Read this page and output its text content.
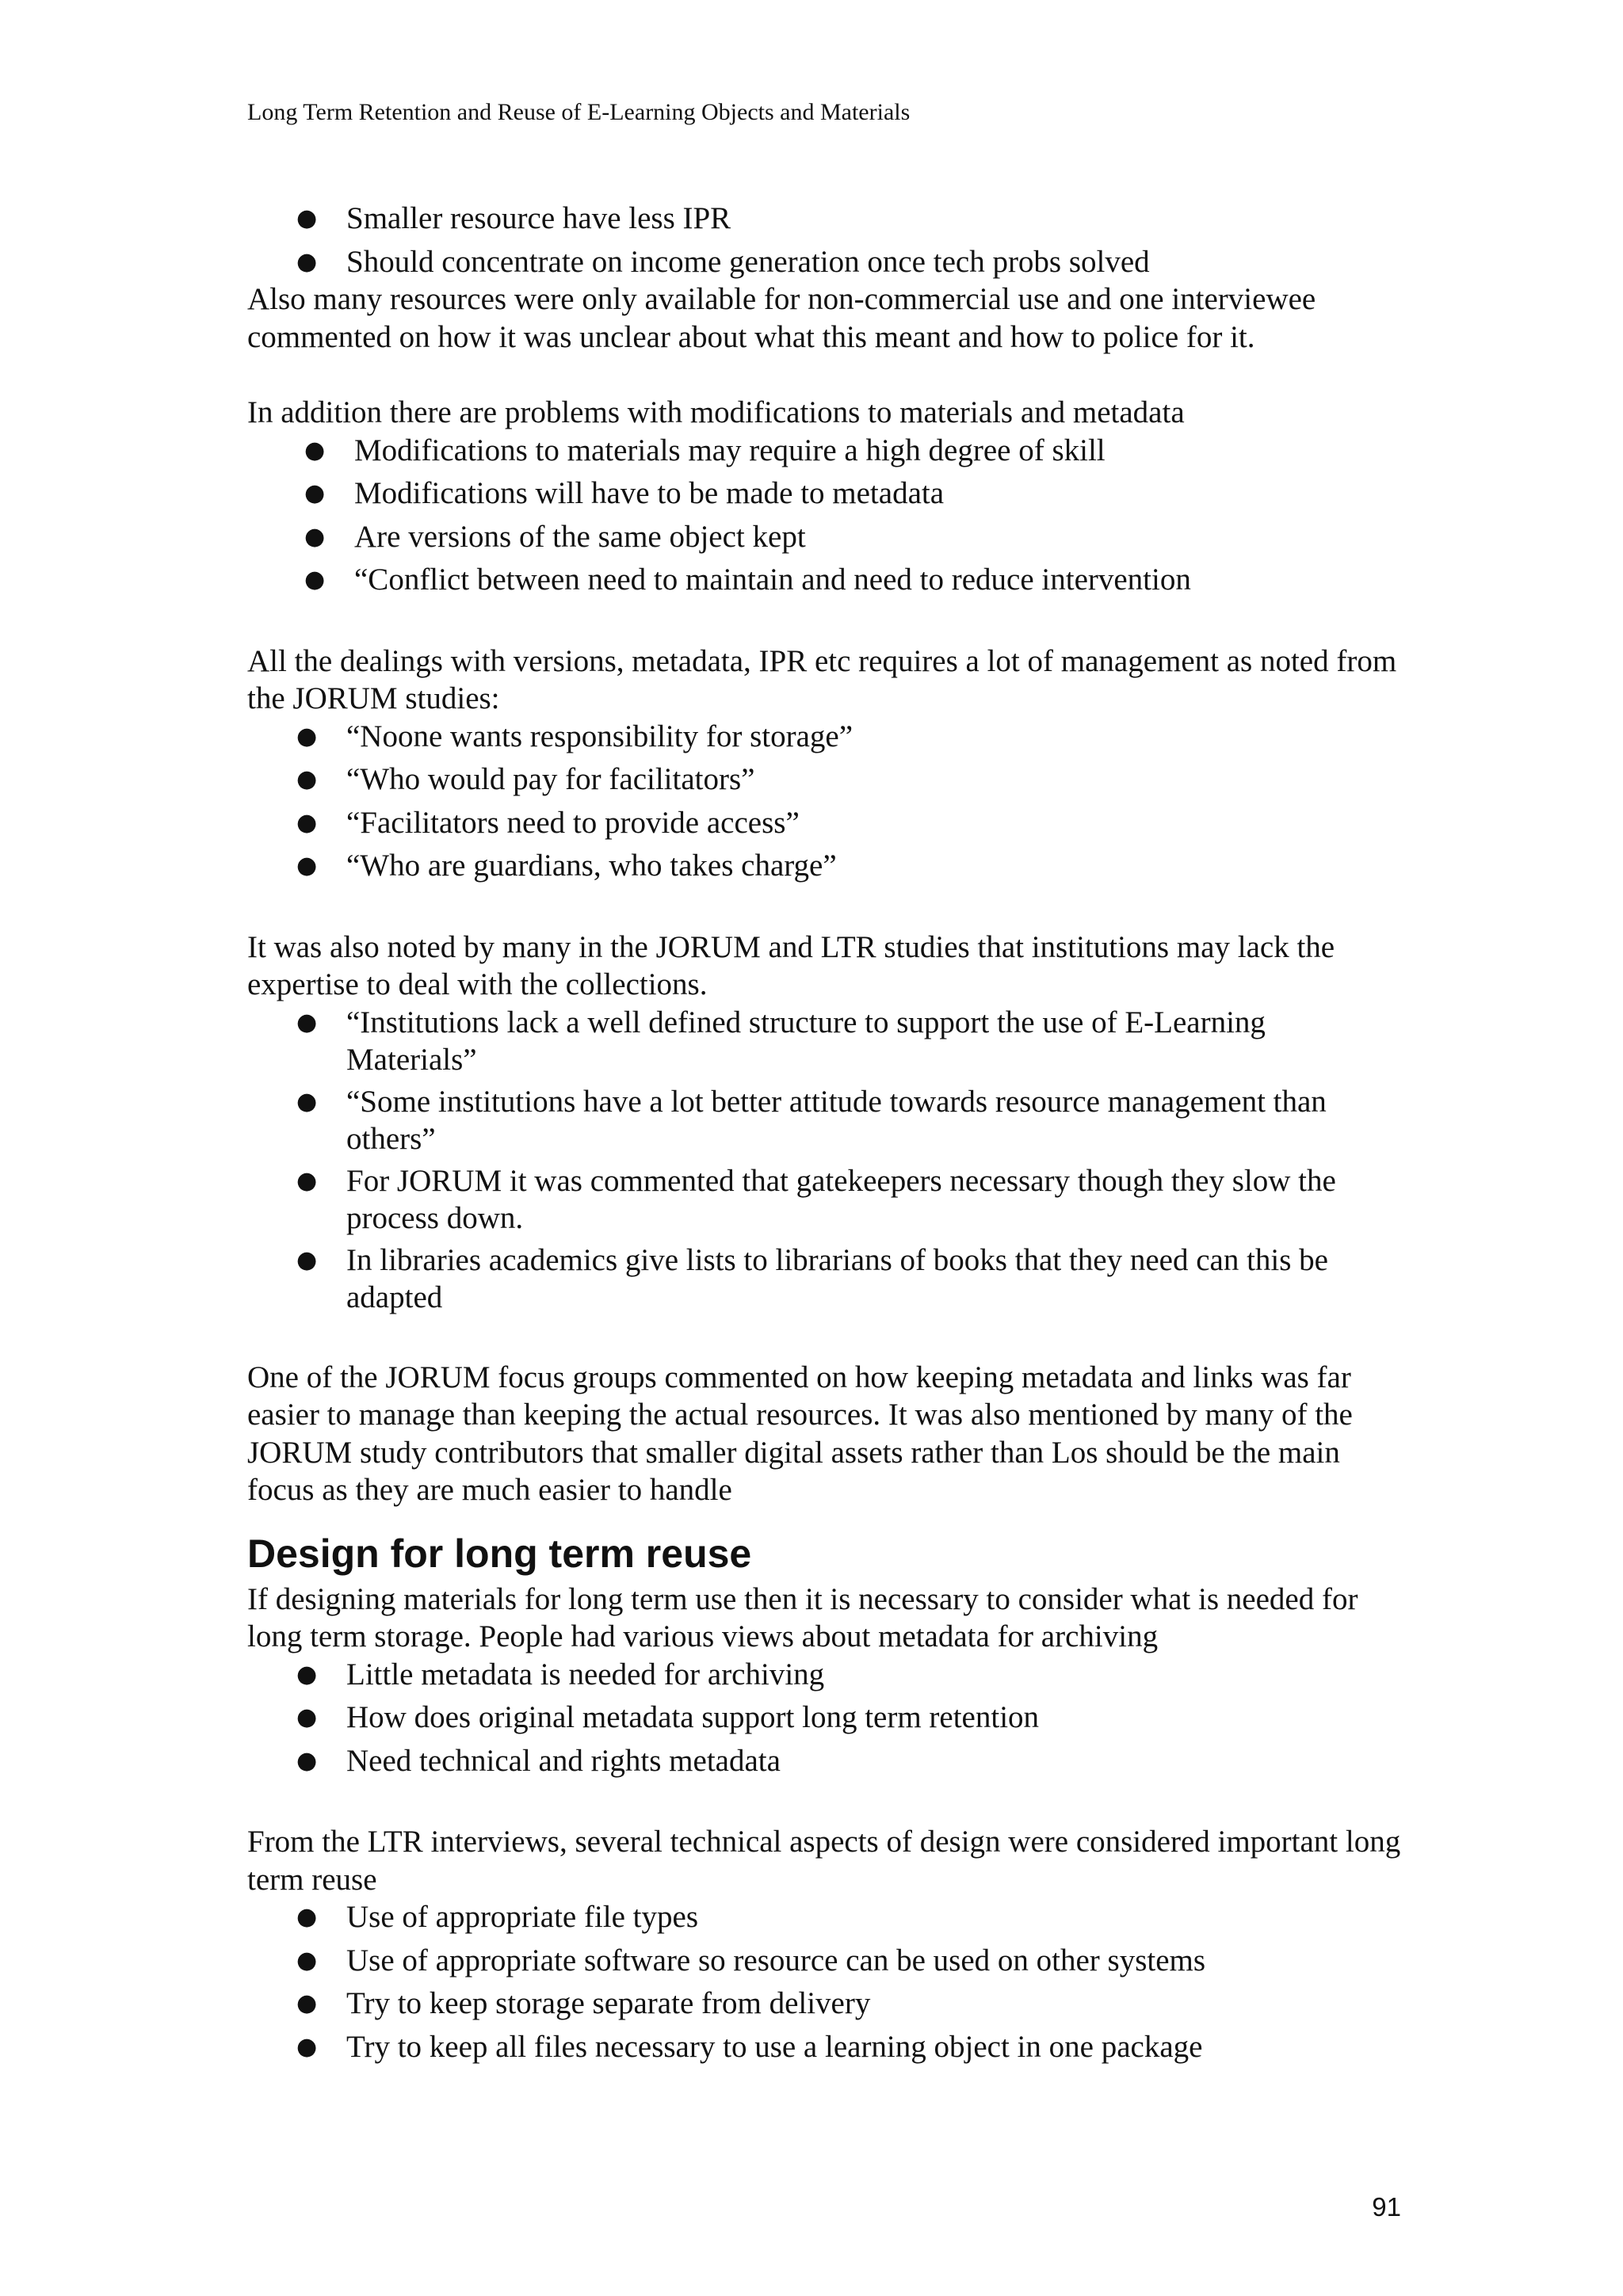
Long Term Retention and Reuse of E-Learning Objects and Materials
● Smaller resource have less IPR
● Should concentrate on income generation once tech probs solved

Also many resources were only available for non-commercial use and one interviewee commented on how it was unclear about what this meant and how to police for it.

In addition there are problems with modifications to materials and metadata

● Modifications to materials may require a high degree of skill
● Modifications will have to be made to metadata
● Are versions of the same object kept
● “Conflict between need to maintain and need to reduce intervention

All the dealings with versions, metadata, IPR etc requires a lot of management as noted from the JORUM studies:

● “Noone wants responsibility for storage”
● “Who would pay for facilitators”
● “Facilitators need to provide access”
● “Who are guardians, who takes charge”

It was also noted by many in the JORUM and LTR studies that institutions may lack the expertise to deal with the collections.

● “Institutions lack a well defined structure to support the use of E-Learning Materials”
● “Some institutions have a lot better attitude towards resource management than others”
● For JORUM it was commented that gatekeepers necessary though they slow the process down.
● In libraries academics give lists to librarians of books that they need can this be adapted

One of the JORUM focus groups commented on how keeping metadata and links was far easier to manage than keeping the actual resources. It was also mentioned by many of the JORUM study contributors that smaller digital assets rather than Los should be the main focus as they are much easier to handle

Design for long term reuse

If designing materials for long term use then it is necessary to consider what is needed for long term storage. People had various views about metadata for archiving

● Little metadata is needed for archiving
● How does original metadata support long term retention
● Need technical and rights metadata

From the LTR interviews, several technical aspects of design were considered important long term reuse

● Use of appropriate file types
● Use of appropriate software so resource can be used on other systems
● Try to keep storage separate from delivery
● Try to keep all files necessary to use a learning object in one package
91
